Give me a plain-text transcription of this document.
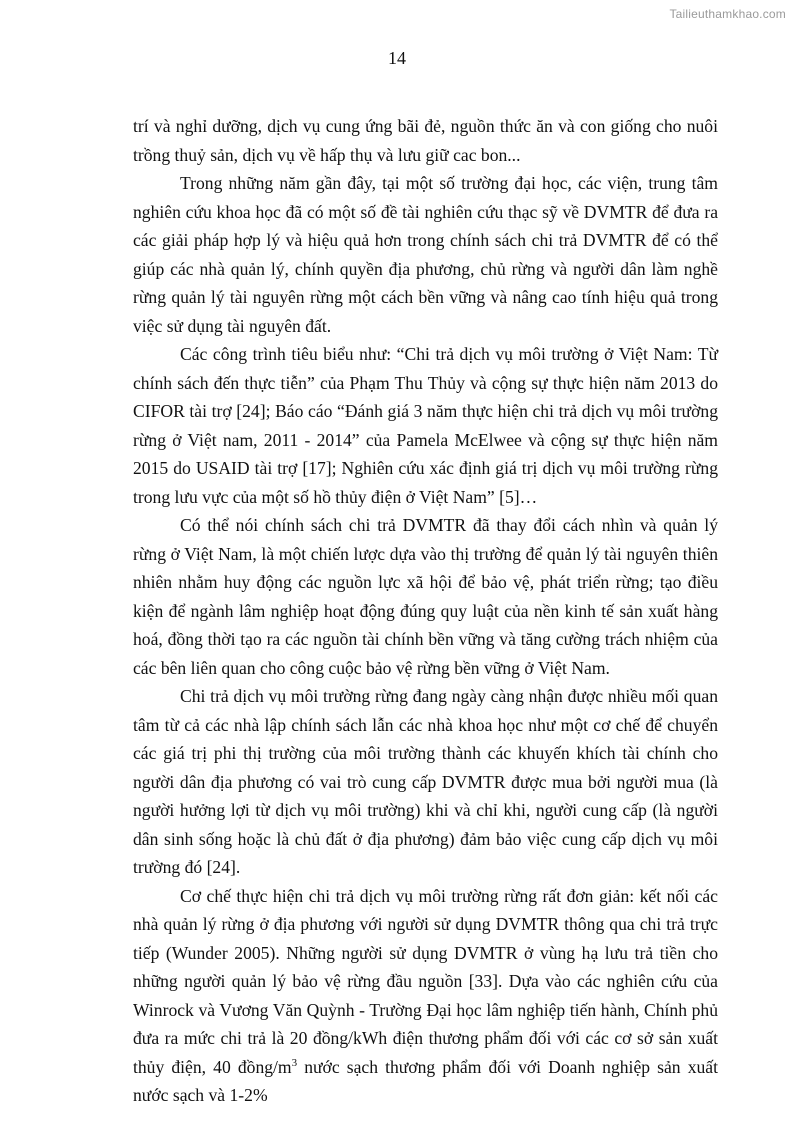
Tailieuthamkhao.com
14

trí và nghỉ dưỡng, dịch vụ cung ứng bãi đẻ, nguồn thức ăn và con giống cho nuôi trồng thuỷ sản, dịch vụ về hấp thụ và lưu giữ cac bon...

Trong những năm gần đây, tại một số trường đại học, các viện, trung tâm nghiên cứu khoa học đã có một số đề tài nghiên cứu thạc sỹ về DVMTR để đưa ra các giải pháp hợp lý và hiệu quả hơn trong chính sách chi trả DVMTR để có thể giúp các nhà quản lý, chính quyền địa phương, chủ rừng và người dân làm nghề rừng quản lý tài nguyên rừng một cách bền vững và nâng cao tính hiệu quả trong việc sử dụng tài nguyên đất.

Các công trình tiêu biểu như: “Chi trả dịch vụ môi trường ở Việt Nam: Từ chính sách đến thực tiễn” của Phạm Thu Thủy và cộng sự thực hiện năm 2013 do CIFOR tài trợ [24]; Báo cáo “Đánh giá 3 năm thực hiện chi trả dịch vụ môi trường rừng ở Việt nam, 2011 - 2014” của Pamela McElwee và cộng sự thực hiện năm 2015 do USAID tài trợ [17]; Nghiên cứu xác định giá trị dịch vụ môi trường rừng trong lưu vực của một số hồ thủy điện ở Việt Nam” [5]…

Có thể nói chính sách chi trả DVMTR đã thay đổi cách nhìn và quản lý rừng ở Việt Nam, là một chiến lược dựa vào thị trường để quản lý tài nguyên thiên nhiên nhằm huy động các nguồn lực xã hội để bảo vệ, phát triển rừng; tạo điều kiện để ngành lâm nghiệp hoạt động đúng quy luật của nền kinh tế sản xuất hàng hoá, đồng thời tạo ra các nguồn tài chính bền vững và tăng cường trách nhiệm của các bên liên quan cho công cuộc bảo vệ rừng bền vững ở Việt Nam.

Chi trả dịch vụ môi trường rừng đang ngày càng nhận được nhiều mối quan tâm từ cả các nhà lập chính sách lẫn các nhà khoa học như một cơ chế để chuyển các giá trị phi thị trường của môi trường thành các khuyến khích tài chính cho người dân địa phương có vai trò cung cấp DVMTR được mua bởi người mua (là người hưởng lợi từ dịch vụ môi trường) khi và chỉ khi, người cung cấp (là người dân sinh sống hoặc là chủ đất ở địa phương) đảm bảo việc cung cấp dịch vụ môi trường đó [24].

Cơ chế thực hiện chi trả dịch vụ môi trường rừng rất đơn giản: kết nối các nhà quản lý rừng ở địa phương với người sử dụng DVMTR thông qua chi trả trực tiếp (Wunder 2005). Những người sử dụng DVMTR ở vùng hạ lưu trả tiền cho những người quản lý bảo vệ rừng đầu nguồn [33]. Dựa vào các nghiên cứu của Winrock và Vương Văn Quỳnh - Trường Đại học lâm nghiệp tiến hành, Chính phủ đưa ra mức chi trả là 20 đồng/kWh điện thương phẩm đối với các cơ sở sản xuất thủy điện, 40 đồng/$m^3$ nước sạch thương phẩm đối với Doanh nghiệp sản xuất nước sạch và 1-2%
